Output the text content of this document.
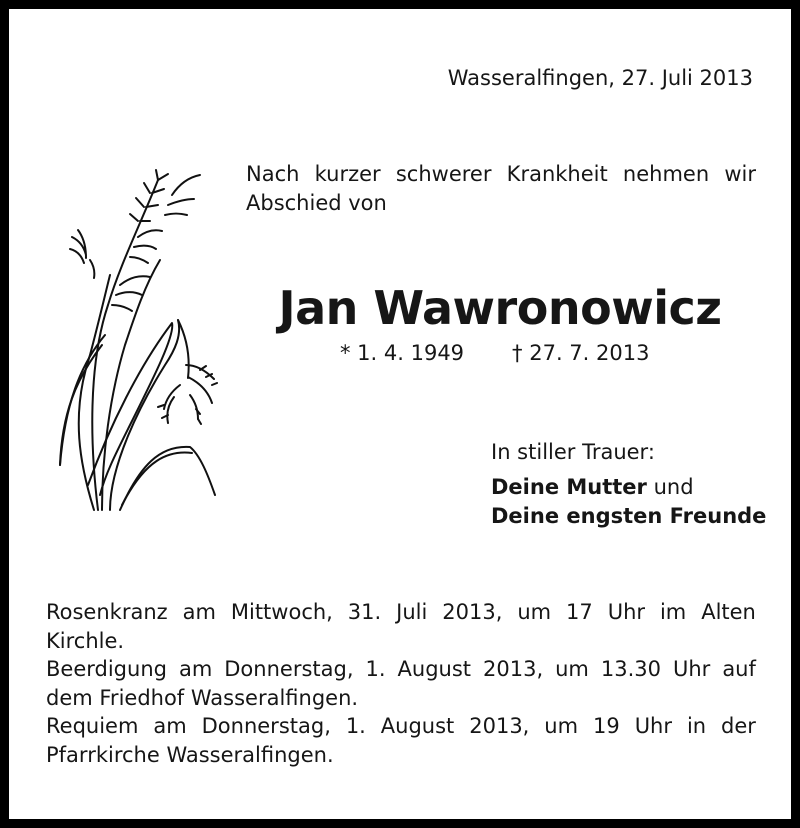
Wasseralfingen, 27. Juli 2013
Nach kurzer schwerer Krankheit nehmen wir
Abschied von
Jan Wawronowicz
* 1. 4. 1949 † 27. 7. 2013
In stiller Trauer:
Deine Mutter und
Deine engsten Freunde
Rosenkranz am Mittwoch, 31. Juli 2013, um 17 Uhr im Alten
Kirchle.
Beerdigung am Donnerstag, 1. August 2013, um 13.30 Uhr auf
dem Friedhof Wasseralfingen.
Requiem am Donnerstag, 1. August 2013, um 19 Uhr in der
Pfarrkirche Wasseralfingen.
